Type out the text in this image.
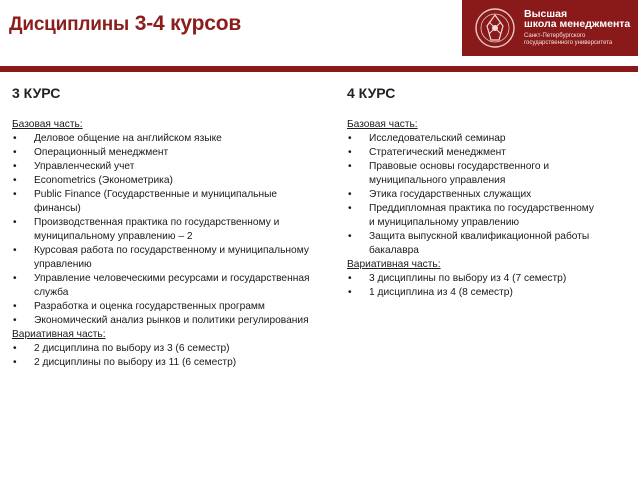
Дисциплины 3-4 курсов	Высшая
школа менеджмента
Санкт-Петербургского
государственного университета
3 КУРС
Базовая часть:
• Деловое общение на английском языке
• Операционный менеджмент
• Управленческий учет
• Econometrics (Эконометрика)
• Public Finance (Государственные и муниципальные финансы)
• Производственная практика по государственному и муниципальному управлению – 2
• Курсовая работа по государственному и муниципальному управлению
• Управление человеческими ресурсами и государственная служба
• Разработка и оценка государственных программ
• Экономический анализ рынков и политики регулирования
Вариативная часть:
• 2 дисциплина по выбору из 3 (6 семестр)
• 2 дисциплины по выбору из 11 (6 семестр)
4 КУРС
Базовая часть:
• Исследовательский семинар
• Стратегический менеджмент
• Правовые основы государственного и муниципального управления
• Этика государственных служащих
• Преддипломная практика по государственному и муниципальному управлению
• Защита выпускной квалификационной работы бакалавра
Вариативная часть:
• 3 дисциплины по выбору из 4 (7 семестр)
• 1 дисциплина из 4 (8 семестр)
